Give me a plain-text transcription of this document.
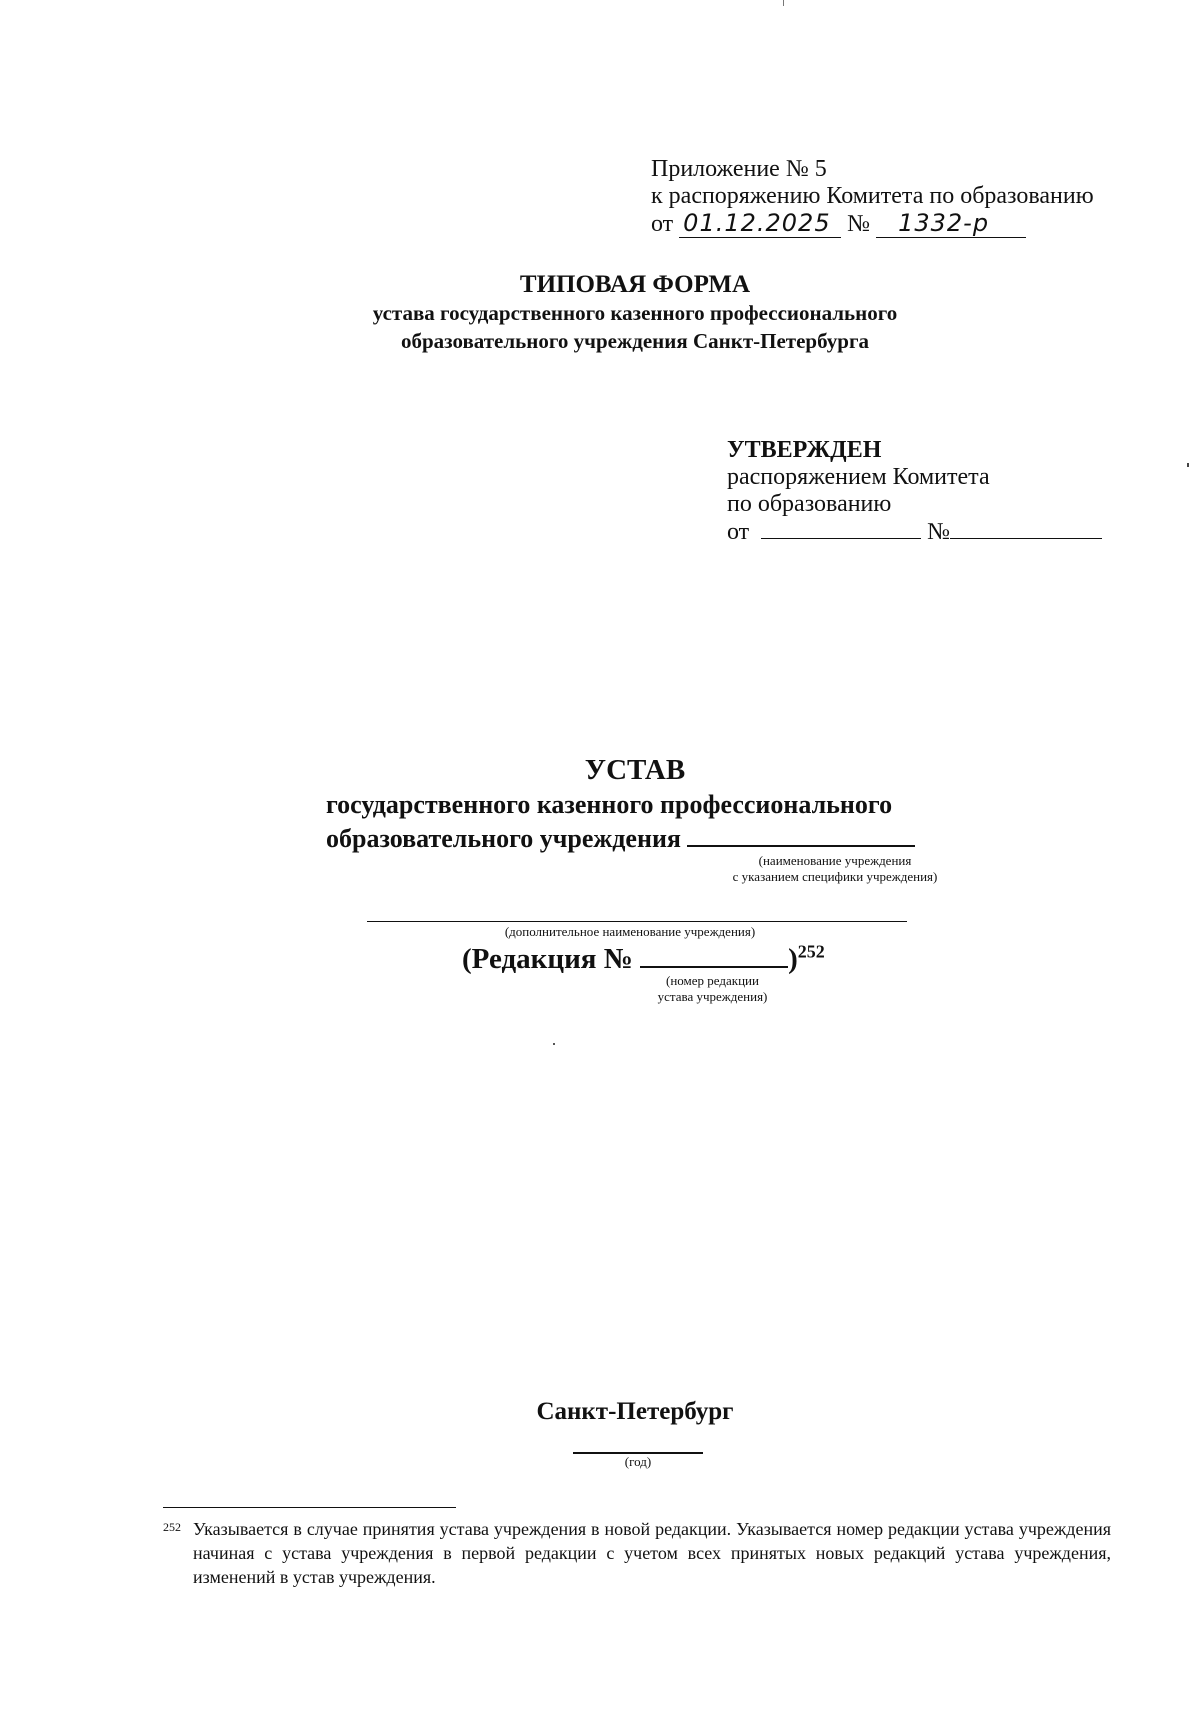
Приложение № 5
к распоряжению Комитета по образованию
от 01.12.2025 № 1332-р
ТИПОВАЯ ФОРМА
устава государственного казенного профессионального
образовательного учреждения Санкт-Петербурга
УТВЕРЖДЕН
распоряжением Комитета
по образованию
от	№
УСТАВ
государственного казенного профессионального
образовательного учреждения
(наименование учреждения
с указанием специфики учреждения)
(дополнительное наименование учреждения)
(Редакция №	)$^{252}$
(номер редакции
устава учреждения)
Санкт-Петербург
(год)
252 Указывается в случае принятия устава учреждения в новой редакции. Указывается номер редакции устава учреждения начиная с устава учреждения в первой редакции с учетом всех принятых новых редакций устава учреждения, изменений в устав учреждения.
